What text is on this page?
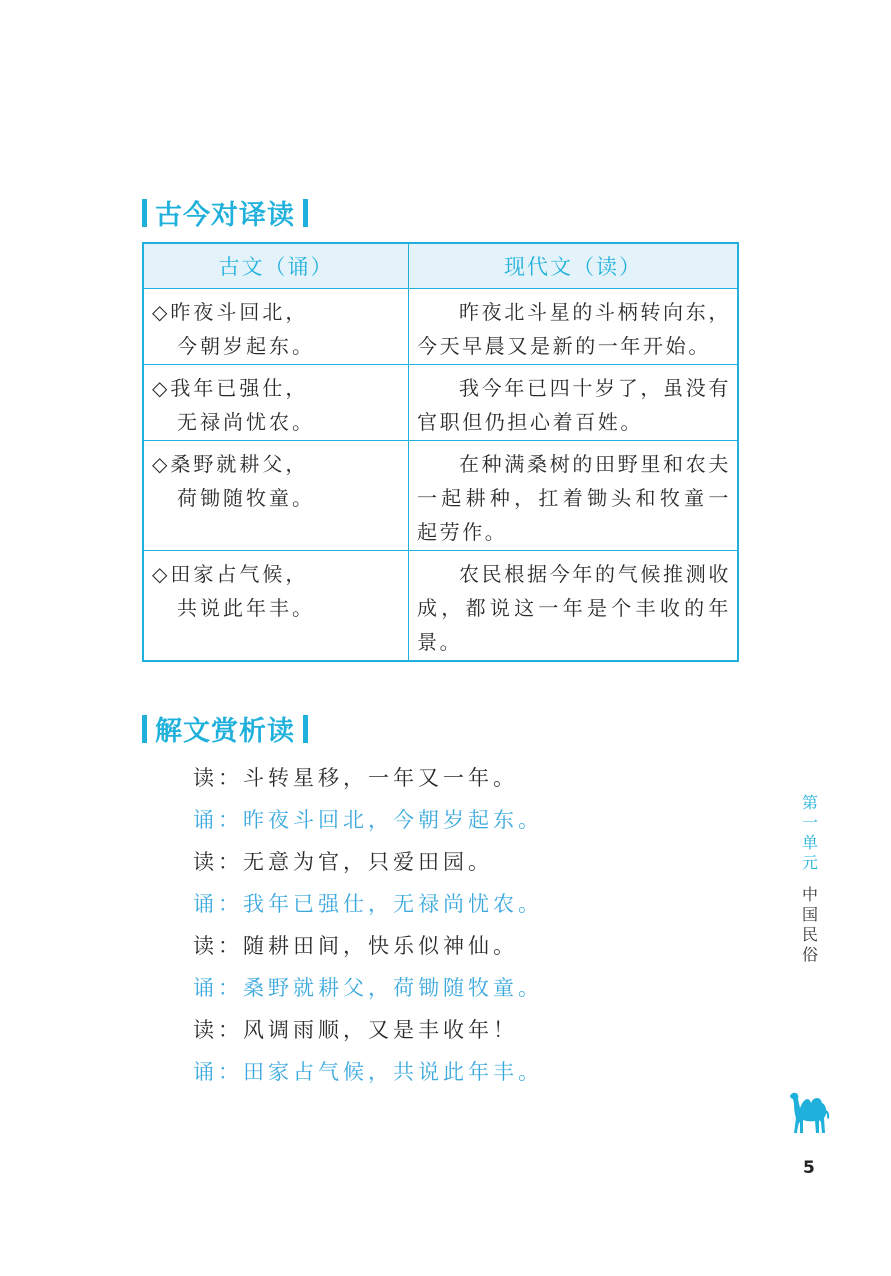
古今对译读
古文（诵）	现代文（读）

◇昨夜斗回北，
今朝岁起东。	昨夜北斗星的斗柄转向东，今天早晨又是新的一年开始。

◇我年已强仕，
无禄尚忧农。	我今年已四十岁了，虽没有官职但仍担心着百姓。

◇桑野就耕父，
荷锄随牧童。	在种满桑树的田野里和农夫一起耕种，扛着锄头和牧童一起劳作。

◇田家占气候，
共说此年丰。	农民根据今年的气候推测收成，都说这一年是个丰收的年景。
解文赏析读
读：斗转星移，一年又一年。
诵：昨夜斗回北，今朝岁起东。
读：无意为官，只爱田园。
诵：我年已强仕，无禄尚忧农。
读：随耕田间，快乐似神仙。
诵：桑野就耕父，荷锄随牧童。
读：风调雨顺，又是丰收年！
诵：田家占气候，共说此年丰。
第一单元
中国民俗
5
